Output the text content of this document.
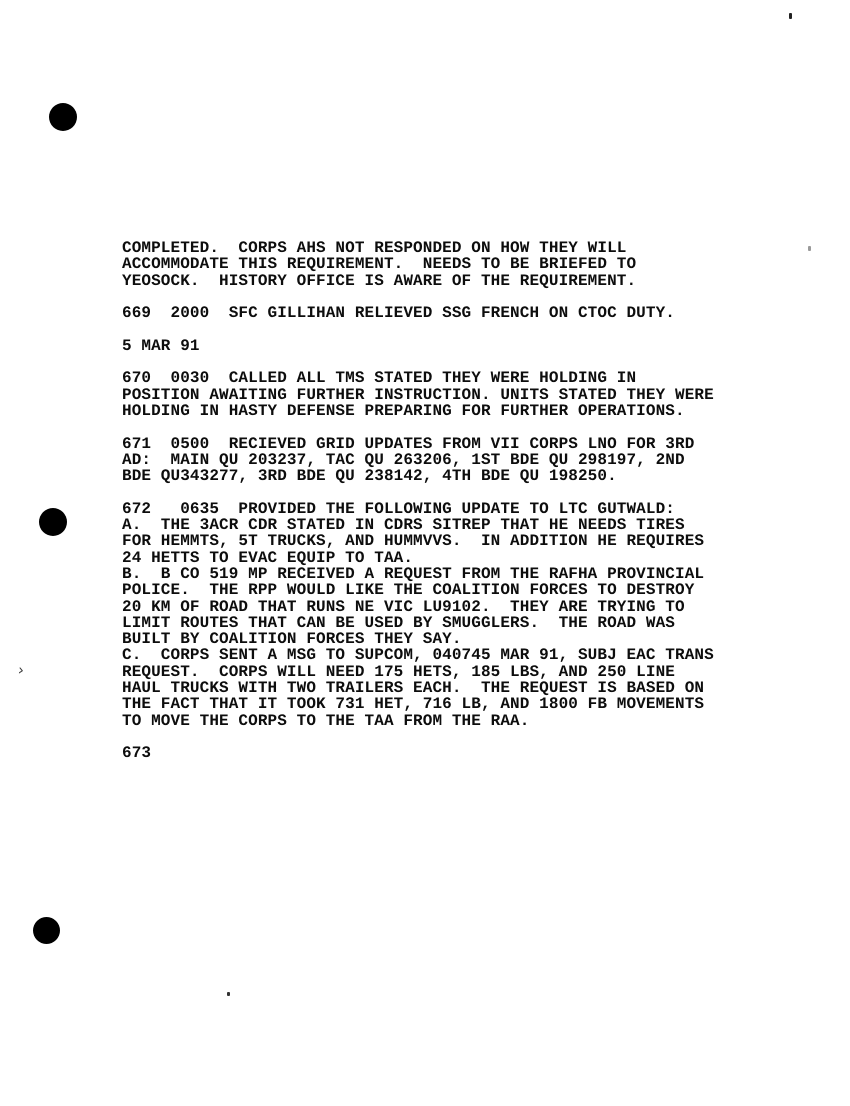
COMPLETED.  CORPS AHS NOT RESPONDED ON HOW THEY WILL
ACCOMMODATE THIS REQUIREMENT.  NEEDS TO BE BRIEFED TO
YEOSOCK.  HISTORY OFFICE IS AWARE OF THE REQUIREMENT.
669  2000  SFC GILLIHAN RELIEVED SSG FRENCH ON CTOC DUTY.
5 MAR 91
670  0030  CALLED ALL TMS STATED THEY WERE HOLDING IN
POSITION AWAITING FURTHER INSTRUCTION. UNITS STATED THEY WERE
HOLDING IN HASTY DEFENSE PREPARING FOR FURTHER OPERATIONS.
671  0500  RECIEVED GRID UPDATES FROM VII CORPS LNO FOR 3RD
AD:  MAIN QU 203237, TAC QU 263206, 1ST BDE QU 298197, 2ND
BDE QU343277, 3RD BDE QU 238142, 4TH BDE QU 198250.
672   0635  PROVIDED THE FOLLOWING UPDATE TO LTC GUTWALD:
A.  THE 3ACR CDR STATED IN CDRS SITREP THAT HE NEEDS TIRES
FOR HEMMTS, 5T TRUCKS, AND HUMMVVS.  IN ADDITION HE REQUIRES
24 HETTS TO EVAC EQUIP TO TAA.
B.  B CO 519 MP RECEIVED A REQUEST FROM THE RAFHA PROVINCIAL
POLICE.  THE RPP WOULD LIKE THE COALITION FORCES TO DESTROY
20 KM OF ROAD THAT RUNS NE VIC LU9102.  THEY ARE TRYING TO
LIMIT ROUTES THAT CAN BE USED BY SMUGGLERS.  THE ROAD WAS
BUILT BY COALITION FORCES THEY SAY.
C.  CORPS SENT A MSG TO SUPCOM, 040745 MAR 91, SUBJ EAC TRANS
REQUEST.  CORPS WILL NEED 175 HETS, 185 LBS, AND 250 LINE
HAUL TRUCKS WITH TWO TRAILERS EACH.  THE REQUEST IS BASED ON
THE FACT THAT IT TOOK 731 HET, 716 LB, AND 1800 FB MOVEMENTS
TO MOVE THE CORPS TO THE TAA FROM THE RAA.
673
›
